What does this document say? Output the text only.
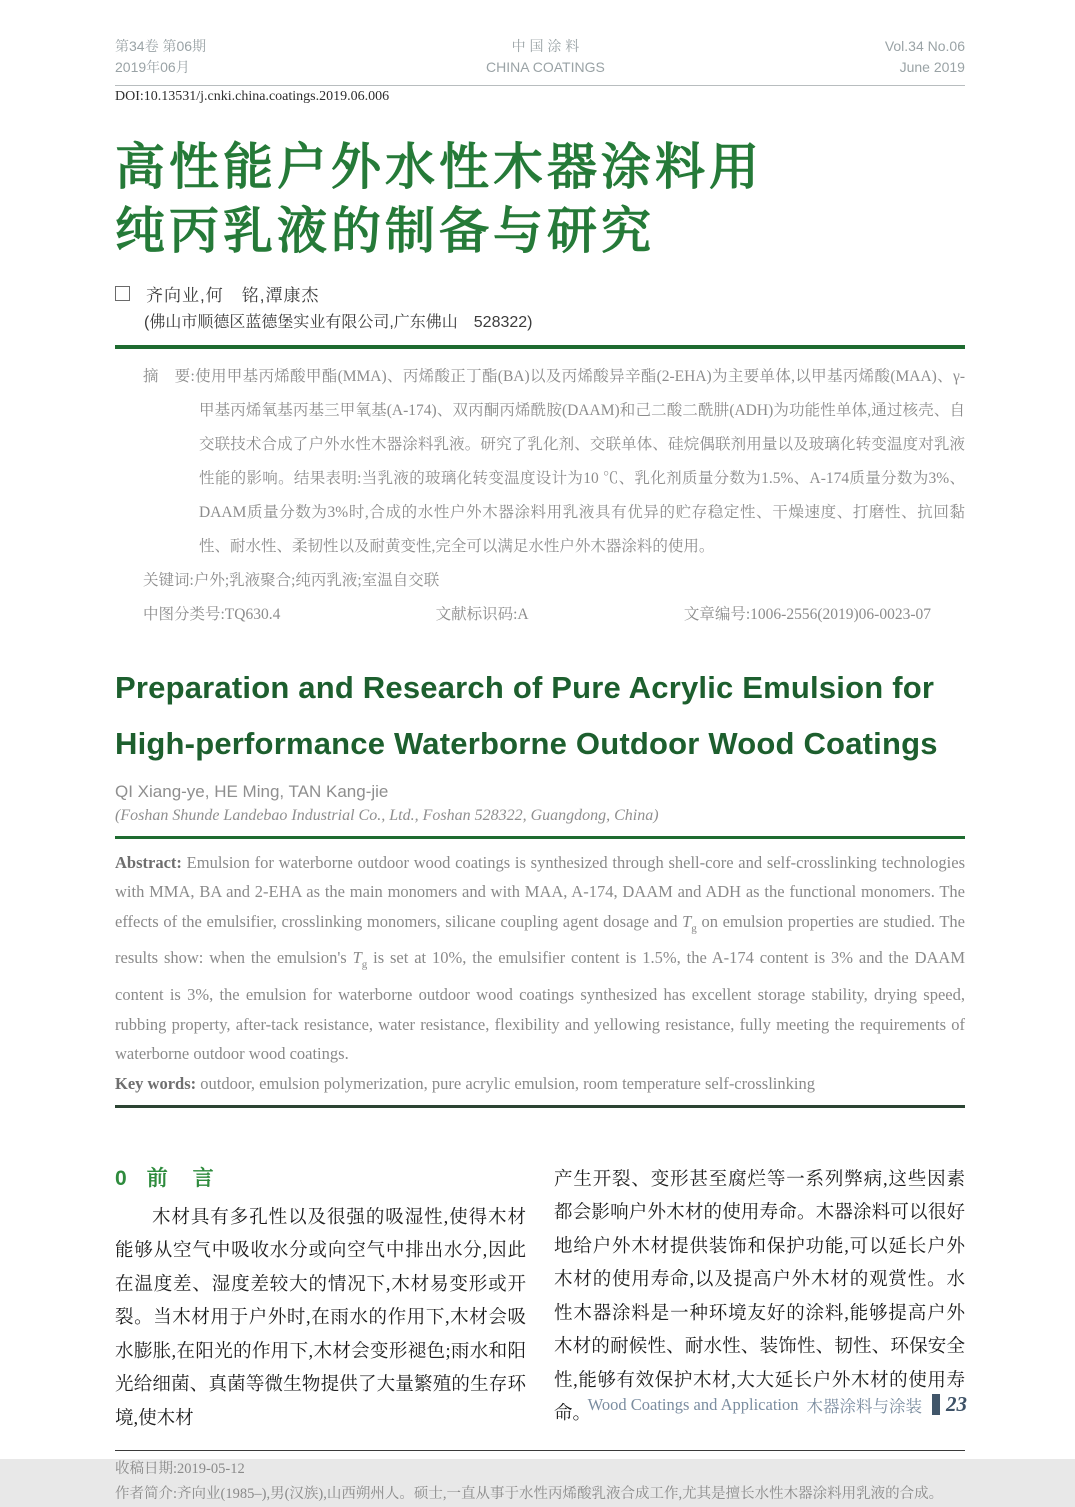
第34卷 第06期
2019年06月
中 国 涂 料
CHINA COATINGS
Vol.34 No.06
June 2019
DOI:10.13531/j.cnki.china.coatings.2019.06.006
高性能户外水性木器涂料用
纯丙乳液的制备与研究
齐向业,何　铭,潭康杰
(佛山市顺德区蓝德堡实业有限公司,广东佛山　528322)
摘　要:使用甲基丙烯酸甲酯(MMA)、丙烯酸正丁酯(BA)以及丙烯酸异辛酯(2-EHA)为主要单体,以甲基丙烯酸(MAA)、γ-甲基丙烯氧基丙基三甲氧基(A-174)、双丙酮丙烯酰胺(DAAM)和己二酸二酰肼(ADH)为功能性单体,通过核壳、自交联技术合成了户外水性木器涂料乳液。研究了乳化剂、交联单体、硅烷偶联剂用量以及玻璃化转变温度对乳液性能的影响。结果表明:当乳液的玻璃化转变温度设计为10 ℃、乳化剂质量分数为1.5%、A-174质量分数为3%、DAAM质量分数为3%时,合成的水性户外木器涂料用乳液具有优异的贮存稳定性、干燥速度、打磨性、抗回黏性、耐水性、柔韧性以及耐黄变性,完全可以满足水性户外木器涂料的使用。
关键词:户外;乳液聚合;纯丙乳液;室温自交联
中图分类号:TQ630.4	文献标识码:A	文章编号:1006-2556(2019)06-0023-07
Preparation and Research of Pure Acrylic Emulsion for
High-performance Waterborne Outdoor Wood Coatings
QI Xiang-ye, HE Ming, TAN Kang-jie
(Foshan Shunde Landebao Industrial Co., Ltd., Foshan 528322, Guangdong, China)
Abstract: Emulsion for waterborne outdoor wood coatings is synthesized through shell-core and self-crosslinking technologies with MMA, BA and 2-EHA as the main monomers and with MAA, A-174, DAAM and ADH as the functional monomers. The effects of the emulsifier, crosslinking monomers, silicane coupling agent dosage and $T_g$ on emulsion properties are studied. The results show: when the emulsion's $T_g$ is set at 10%, the emulsifier content is 1.5%, the A-174 content is 3% and the DAAM content is 3%, the emulsion for waterborne outdoor wood coatings synthesized has excellent storage stability, drying speed, rubbing property, after-tack resistance, water resistance, flexibility and yellowing resistance, fully meeting the requirements of waterborne outdoor wood coatings.
Key words: outdoor, emulsion polymerization, pure acrylic emulsion, room temperature self-crosslinking
0 前　言

木材具有多孔性以及很强的吸湿性,使得木材能够从空气中吸收水分或向空气中排出水分,因此在温度差、湿度差较大的情况下,木材易变形或开裂。当木材用于户外时,在雨水的作用下,木材会吸水膨胀,在阳光的作用下,木材会变形褪色;雨水和阳光给细菌、真菌等微生物提供了大量繁殖的生存环境,使木材

产生开裂、变形甚至腐烂等一系列弊病,这些因素都会影响户外木材的使用寿命。木器涂料可以很好地给户外木材提供装饰和保护功能,可以延长户外木材的使用寿命,以及提高户外木材的观赏性。水性木器涂料是一种环境友好的涂料,能够提高户外木材的耐候性、耐水性、装饰性、韧性、环保安全性,能够有效保护木材,大大延长户外木材的使用寿命。

收稿日期:2019-05-12
作者简介:齐向业(1985–),男(汉族),山西朔州人。硕士,一直从事于水性丙烯酸乳液合成工作,尤其是擅长水性木器涂料用乳液的合成。
Wood Coatings and Application 木器涂料与涂装 23
